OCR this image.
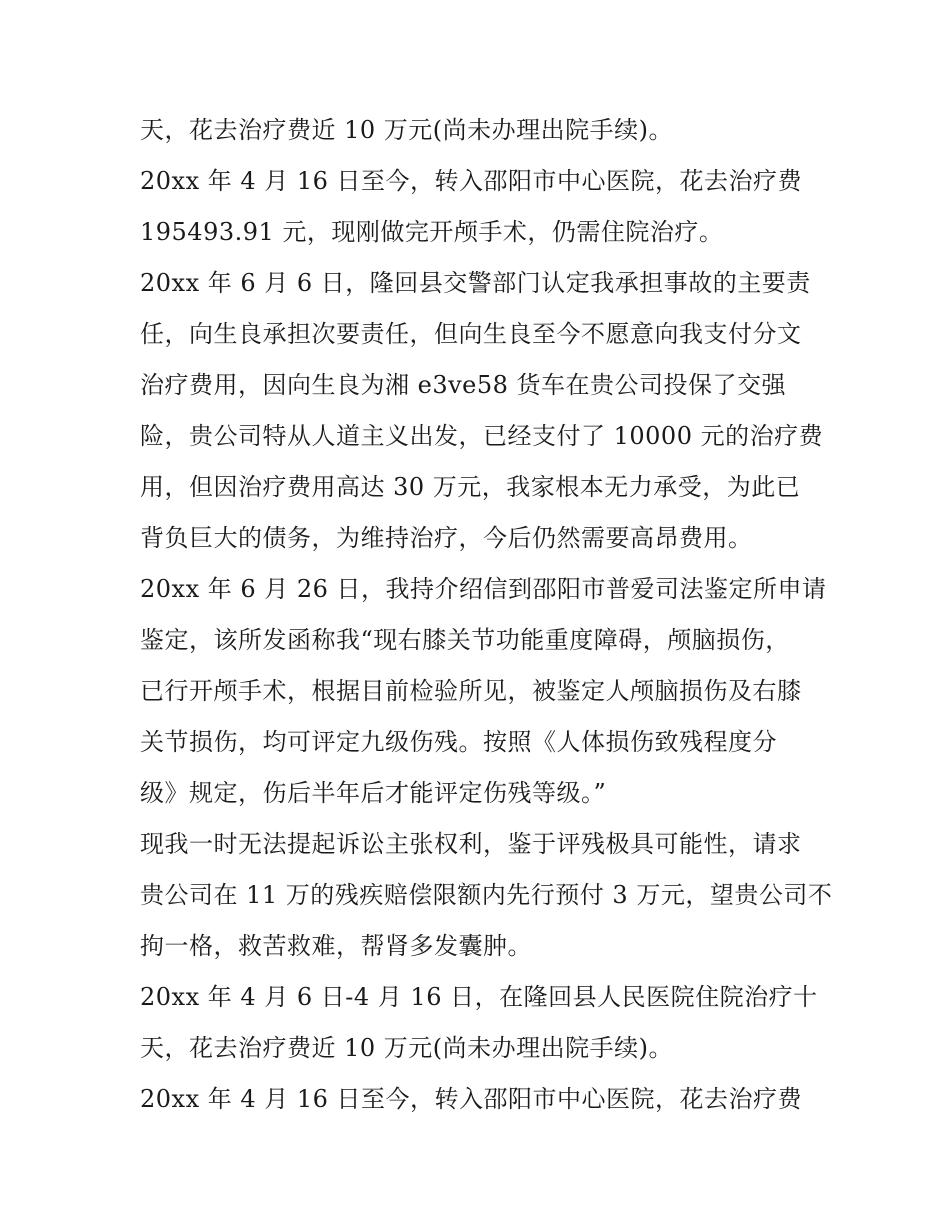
天，花去治疗费近 10 万元(尚未办理出院手续)。
20xx 年 4 月 16 日至今，转入邵阳市中心医院，花去治疗费
195493.91 元，现刚做完开颅手术，仍需住院治疗。
20xx 年 6 月 6 日，隆回县交警部门认定我承担事故的主要责
任，向生良承担次要责任，但向生良至今不愿意向我支付分文
治疗费用，因向生良为湘 e3ve58 货车在贵公司投保了交强
险，贵公司特从人道主义出发，已经支付了 10000 元的治疗费
用，但因治疗费用高达 30 万元，我家根本无力承受，为此已
背负巨大的债务，为维持治疗，今后仍然需要高昂费用。
20xx 年 6 月 26 日，我持介绍信到邵阳市普爱司法鉴定所申请
鉴定，该所发函称我“现右膝关节功能重度障碍，颅脑损伤，
已行开颅手术，根据目前检验所见，被鉴定人颅脑损伤及右膝
关节损伤，均可评定九级伤残。按照《人体损伤致残程度分
级》规定，伤后半年后才能评定伤残等级。”
现我一时无法提起诉讼主张权利，鉴于评残极具可能性，请求
贵公司在 11 万的残疾赔偿限额内先行预付 3 万元，望贵公司不
拘一格，救苦救难，帮肾多发囊肿。
20xx 年 4 月 6 日-4 月 16 日，在隆回县人民医院住院治疗十
天，花去治疗费近 10 万元(尚未办理出院手续)。
20xx 年 4 月 16 日至今，转入邵阳市中心医院，花去治疗费
